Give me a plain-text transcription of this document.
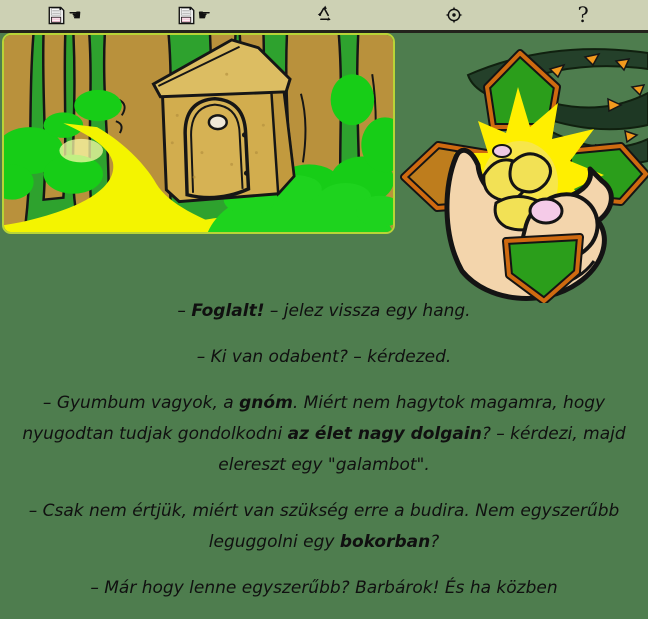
☚	☛	?
– Foglalt! – jelez vissza egy hang.
– Ki van odabent? – kérdezed.
– Gyumbum vagyok, a gnóm. Miért nem hagytok magamra, hogy nyugodtan tudjak gondolkodni az élet nagy dolgain? – kérdezi, majd elereszt egy "galambot".
– Csak nem értjük, miért van szükség erre a budira. Nem egyszerűbb leguggolni egy bokorban?
– Már hogy lenne egyszerűbb? Barbárok! És ha közben
